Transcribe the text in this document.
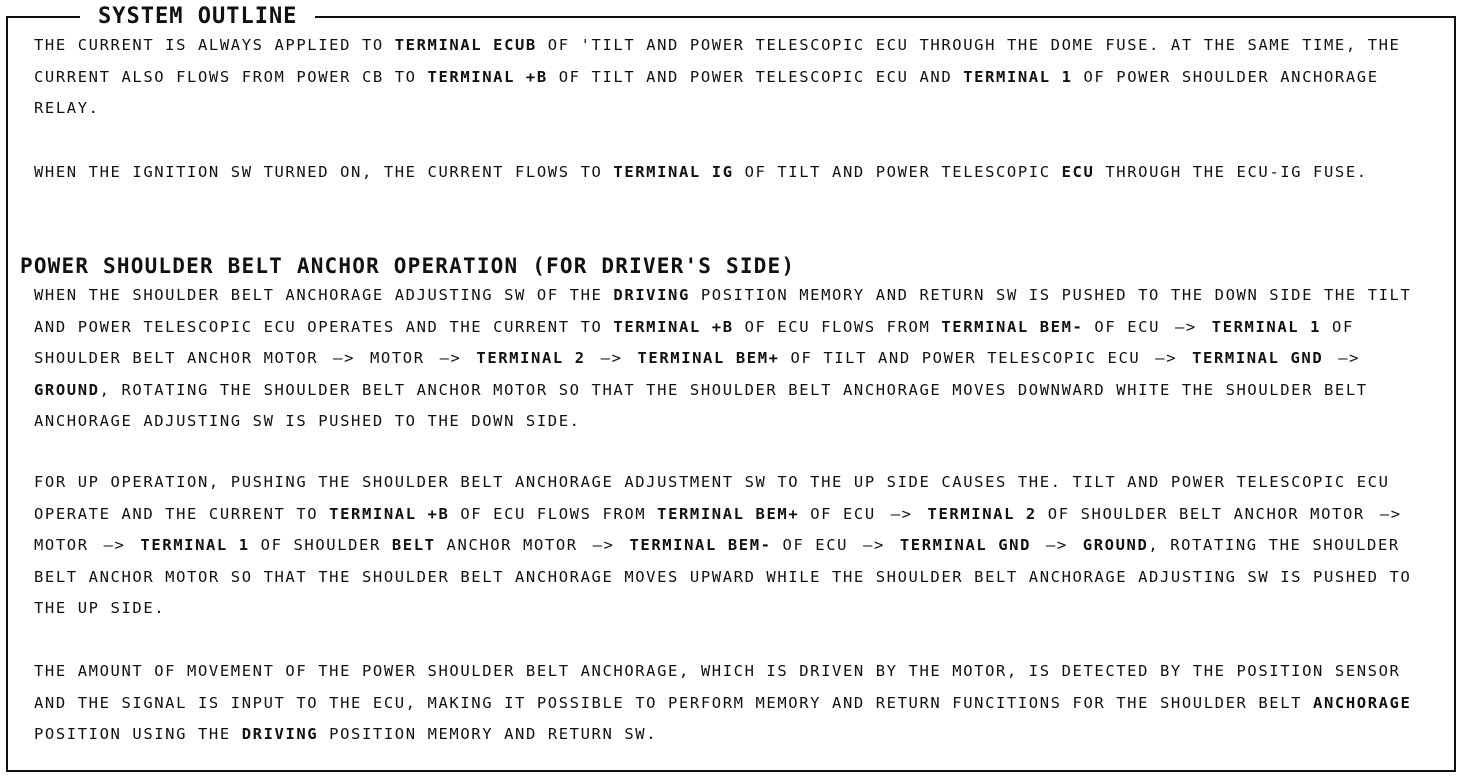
SYSTEM OUTLINE
THE CURRENT IS ALWAYS APPLIED TO TERMINAL ECUB OF 'TILT AND POWER TELESCOPIC ECU THROUGH THE DOME FUSE. AT THE SAME TIME, THE CURRENT ALSO FLOWS FROM POWER CB TO TERMINAL +B OF TILT AND POWER TELESCOPIC ECU AND TERMINAL 1 OF POWER SHOULDER ANCHORAGE RELAY.
WHEN THE IGNITION SW TURNED ON, THE CURRENT FLOWS TO TERMINAL IG OF TILT AND POWER TELESCOPIC ECU THROUGH THE ECU-IG FUSE.
POWER SHOULDER BELT ANCHOR OPERATION (FOR DRIVER'S SIDE)
WHEN THE SHOULDER BELT ANCHORAGE ADJUSTING SW OF THE DRIVING POSITION MEMORY AND RETURN SW IS PUSHED TO THE DOWN SIDE THE TILT AND POWER TELESCOPIC ECU OPERATES AND THE CURRENT TO TERMINAL +B OF ECU FLOWS FROM TERMINAL BEM- OF ECU —> TERMINAL 1 OF SHOULDER BELT ANCHOR MOTOR —> MOTOR —> TERMINAL 2 —> TERMINAL BEM+ OF TILT AND POWER TELESCOPIC ECU —> TERMINAL GND —> GROUND, ROTATING THE SHOULDER BELT ANCHOR MOTOR SO THAT THE SHOULDER BELT ANCHORAGE MOVES DOWNWARD WHITE THE SHOULDER BELT ANCHORAGE ADJUSTING SW IS PUSHED TO THE DOWN SIDE.
FOR UP OPERATION, PUSHING THE SHOULDER BELT ANCHORAGE ADJUSTMENT SW TO THE UP SIDE CAUSES THE. TILT AND POWER TELESCOPIC ECU OPERATE AND THE CURRENT TO TERMINAL +B OF ECU FLOWS FROM TERMINAL BEM+ OF ECU —> TERMINAL 2 OF SHOULDER BELT ANCHOR MOTOR —> MOTOR —> TERMINAL 1 OF SHOULDER BELT ANCHOR MOTOR —> TERMINAL BEM- OF ECU —> TERMINAL GND —> GROUND, ROTATING THE SHOULDER BELT ANCHOR MOTOR SO THAT THE SHOULDER BELT ANCHORAGE MOVES UPWARD WHILE THE SHOULDER BELT ANCHORAGE ADJUSTING SW IS PUSHED TO THE UP SIDE.
THE AMOUNT OF MOVEMENT OF THE POWER SHOULDER BELT ANCHORAGE, WHICH IS DRIVEN BY THE MOTOR, IS DETECTED BY THE POSITION SENSOR AND THE SIGNAL IS INPUT TO THE ECU, MAKING IT POSSIBLE TO PERFORM MEMORY AND RETURN FUNCITIONS FOR THE SHOULDER BELT ANCHORAGE POSITION USING THE DRIVING POSITION MEMORY AND RETURN SW.
